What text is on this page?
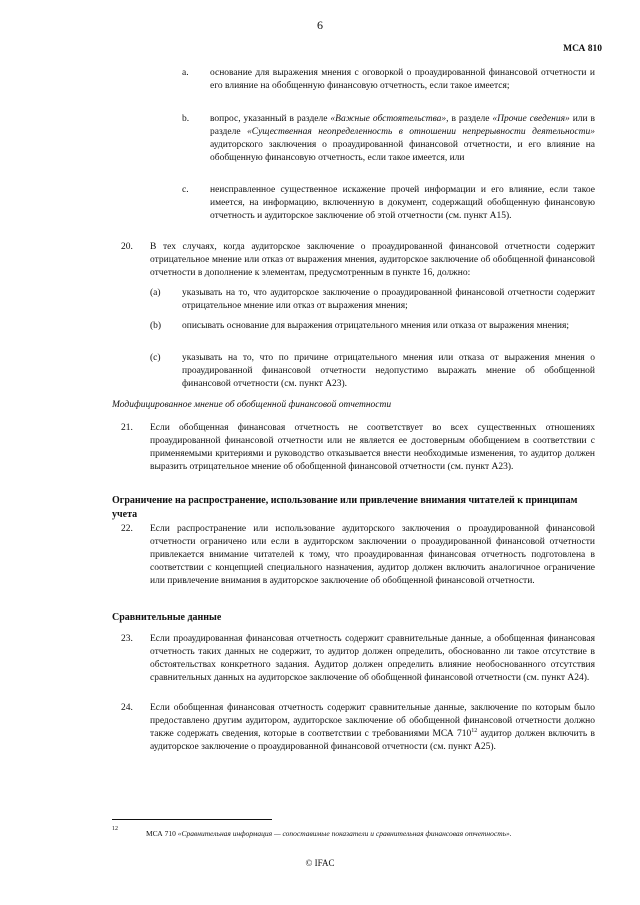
6
МСА 810
a. основание для выражения мнения с оговоркой о проаудированной финансовой отчетности и его влияние на обобщенную финансовую отчетность, если такое имеется;
b. вопрос, указанный в разделе «Важные обстоятельства», в разделе «Прочие сведения» или в разделе «Существенная неопределенность в отношении непрерывности деятельности» аудиторского заключения о проаудированной финансовой отчетности, и его влияние на обобщенную финансовую отчетность, если такое имеется, или
c. неисправленное существенное искажение прочей информации и его влияние, если такое имеется, на информацию, включенную в документ, содержащий обобщенную финансовую отчетность и аудиторское заключение об этой отчетности (см. пункт A15).
20. В тех случаях, когда аудиторское заключение о проаудированной финансовой отчетности содержит отрицательное мнение или отказ от выражения мнения, аудиторское заключение об обобщенной финансовой отчетности в дополнение к элементам, предусмотренным в пункте 16, должно:
(a) указывать на то, что аудиторское заключение о проаудированной финансовой отчетности содержит отрицательное мнение или отказ от выражения мнения;
(b) описывать основание для выражения отрицательного мнения или отказа от выражения мнения;
(c) указывать на то, что по причине отрицательного мнения или отказа от выражения мнения о проаудированной финансовой отчетности недопустимо выражать мнение об обобщенной финансовой отчетности (см. пункт A23).
Модифицированное мнение об обобщенной финансовой отчетности
21. Если обобщенная финансовая отчетность не соответствует во всех существенных отношениях проаудированной финансовой отчетности или не является ее достоверным обобщением в соответствии с применяемыми критериями и руководство отказывается внести необходимые изменения, то аудитор должен выразить отрицательное мнение об обобщенной финансовой отчетности (см. пункт A23).
Ограничение на распространение, использование или привлечение внимания читателей к принципам учета
22. Если распространение или использование аудиторского заключения о проаудированной финансовой отчетности ограничено или если в аудиторском заключении о проаудированной финансовой отчетности привлекается внимание читателей к тому, что проаудированная финансовая отчетность подготовлена в соответствии с концепцией специального назначения, аудитор должен включить аналогичное ограничение или привлечение внимания в аудиторское заключение об обобщенной финансовой отчетности.
Сравнительные данные
23. Если проаудированная финансовая отчетность содержит сравнительные данные, а обобщенная финансовая отчетность таких данных не содержит, то аудитор должен определить, обоснованно ли такое отсутствие в обстоятельствах конкретного задания. Аудитор должен определить влияние необоснованного отсутствия сравнительных данных на аудиторское заключение об обобщенной финансовой отчетности (см. пункт A24).
24. Если обобщенная финансовая отчетность содержит сравнительные данные, заключение по которым было предоставлено другим аудитором, аудиторское заключение об обобщенной финансовой отчетности должно также содержать сведения, которые в соответствии с требованиями МСА $710^{12}$ аудитор должен включить в аудиторское заключение о проаудированной финансовой отчетности (см. пункт A25).
12	МСА 710 «Сравнительная информация — сопоставимые показатели и сравнительная финансовая отчетность».
© IFAC
